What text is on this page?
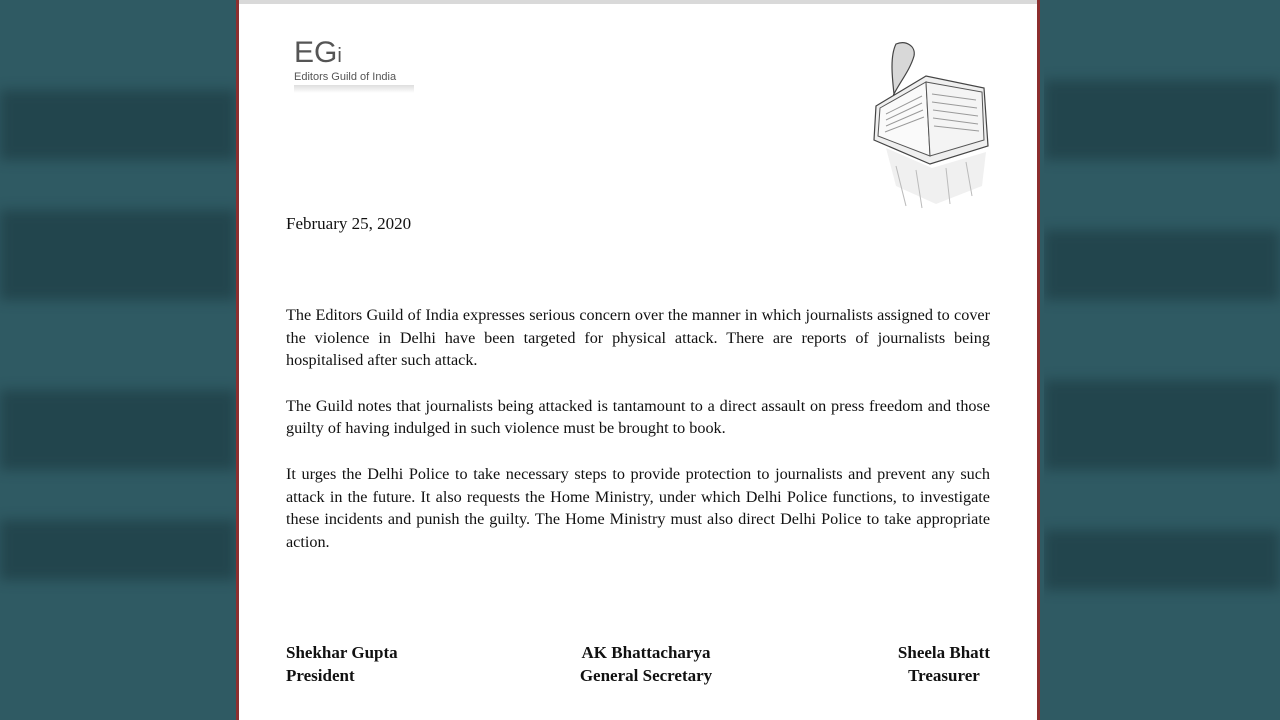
EGi
Editors Guild of India
February 25, 2020

The Editors Guild of India expresses serious concern over the manner in which journalists assigned to cover the violence in Delhi have been targeted for physical attack. There are reports of journalists being hospitalised after such attack.

The Guild notes that journalists being attacked is tantamount to a direct assault on press freedom and those guilty of having indulged in such violence must be brought to book.

It urges the Delhi Police to take necessary steps to provide protection to journalists and prevent any such attack in the future. It also requests the Home Ministry, under which Delhi Police functions, to investigate these incidents and punish the guilty. The Home Ministry must also direct Delhi Police to take appropriate action.

Shekhar Gupta
President
AK Bhattacharya
General Secretary
Sheela Bhatt
Treasurer
